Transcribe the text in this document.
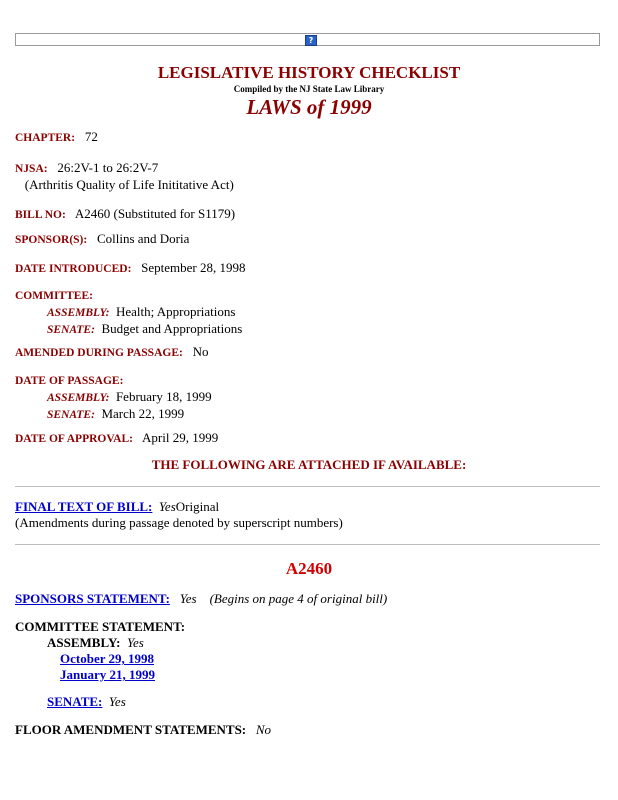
?
LEGISLATIVE HISTORY CHECKLIST
Compiled by the NJ State Law Library
LAWS of 1999
CHAPTER: 72
NJSA: 26:2V-1 to 26:2V-7
(Arthritis Quality of Life Inititative Act)
BILL NO: A2460 (Substituted for S1179)
SPONSOR(S): Collins and Doria
DATE INTRODUCED: September 28, 1998
COMMITTEE:
ASSEMBLY: Health; Appropriations
SENATE: Budget and Appropriations
AMENDED DURING PASSAGE: No
DATE OF PASSAGE:
ASSEMBLY: February 18, 1999
SENATE: March 22, 1999
DATE OF APPROVAL: April 29, 1999
THE FOLLOWING ARE ATTACHED IF AVAILABLE:
FINAL TEXT OF BILL: YesOriginal
(Amendments during passage denoted by superscript numbers)
A2460
SPONSORS STATEMENT: Yes (Begins on page 4 of original bill)
COMMITTEE STATEMENT:
ASSEMBLY: Yes
October 29, 1998
January 21, 1999
SENATE: Yes
FLOOR AMENDMENT STATEMENTS: No
